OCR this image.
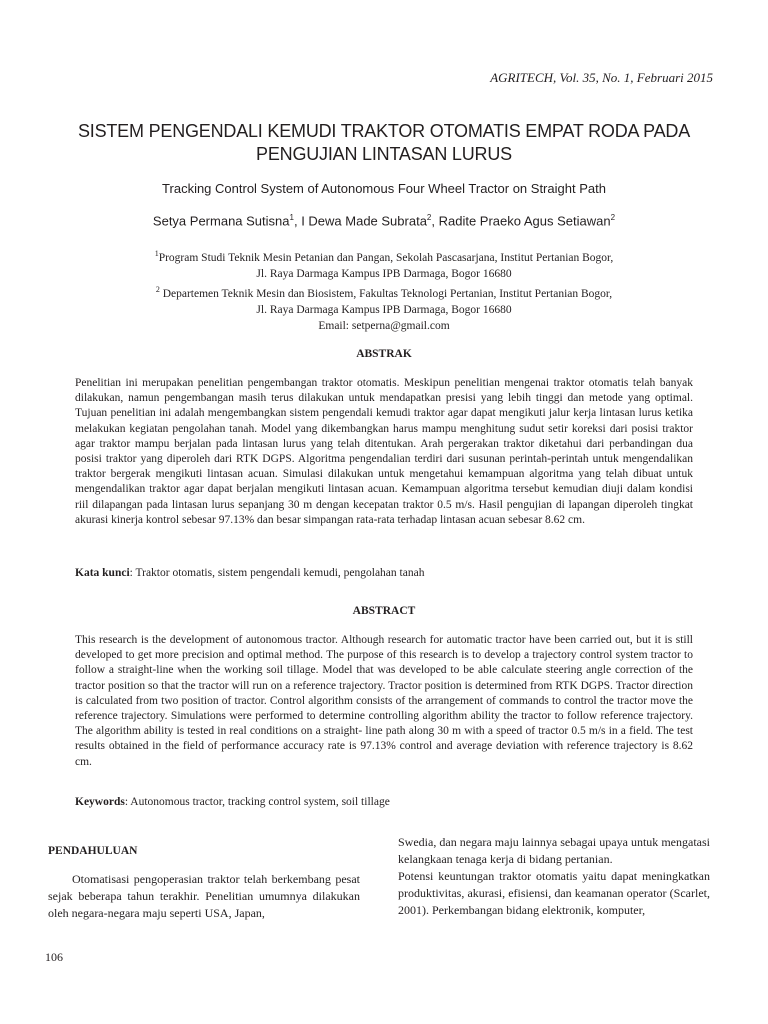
AGRITECH, Vol. 35, No. 1, Februari 2015
SISTEM PENGENDALI KEMUDI TRAKTOR OTOMATIS EMPAT RODA PADA
PENGUJIAN LINTASAN LURUS
Tracking Control System of Autonomous Four Wheel Tractor on Straight Path
Setya Permana Sutisna$^1$, I Dewa Made Subrata$^2$, Radite Praeko Agus Setiawan$^2$

$^1$Program Studi Teknik Mesin Petanian dan Pangan, Sekolah Pascasarjana, Institut Pertanian Bogor,

Jl. Raya Darmaga Kampus IPB Darmaga, Bogor 16680

$^2$ Departemen Teknik Mesin dan Biosistem, Fakultas Teknologi Pertanian, Institut Pertanian Bogor,

Jl. Raya Darmaga Kampus IPB Darmaga, Bogor 16680

Email: setperna@gmail.com

ABSTRAK

Penelitian ini merupakan penelitian pengembangan traktor otomatis. Meskipun penelitian mengenai traktor otomatis telah banyak dilakukan, namun pengembangan masih terus dilakukan untuk mendapatkan presisi yang lebih tinggi dan metode yang optimal. Tujuan penelitian ini adalah mengembangkan sistem pengendali kemudi traktor agar dapat mengikuti jalur kerja lintasan lurus ketika melakukan kegiatan pengolahan tanah. Model yang dikembangkan harus mampu menghitung sudut setir koreksi dari posisi traktor agar traktor mampu berjalan pada lintasan lurus yang telah ditentukan. Arah pergerakan traktor diketahui dari perbandingan dua posisi traktor yang diperoleh dari RTK DGPS. Algoritma pengendalian terdiri dari susunan perintah-perintah untuk mengendalikan traktor bergerak mengikuti lintasan acuan. Simulasi dilakukan untuk mengetahui kemampuan algoritma yang telah dibuat untuk mengendalikan traktor agar dapat berjalan mengikuti lintasan acuan. Kemampuan algoritma tersebut kemudian diuji dalam kondisi riil dilapangan pada lintasan lurus sepanjang 30 m dengan kecepatan traktor 0.5 m/s. Hasil pengujian di lapangan diperoleh tingkat akurasi kinerja kontrol sebesar 97.13% dan besar simpangan rata-rata terhadap lintasan acuan sebesar 8.62 cm.

Kata kunci: Traktor otomatis, sistem pengendali kemudi, pengolahan tanah
ABSTRACT

This research is the development of autonomous tractor. Although research for automatic tractor have been carried out, but it is still developed to get more precision and optimal method. The purpose of this research is to develop a trajectory control system tractor to follow a straight-line when the working soil tillage. Model that was developed to be able calculate steering angle correction of the tractor position so that the tractor will run on a reference trajectory. Tractor position is determined from RTK DGPS. Tractor direction is calculated from two position of tractor. Control algorithm consists of the arrangement of commands to control the tractor move the reference trajectory. Simulations were performed to determine controlling algorithm ability the tractor to follow reference trajectory. The algorithm ability is tested in real conditions on a straight- line path along 30 m with a speed of tractor 0.5 m/s in a field. The test results obtained in the field of performance accuracy rate is 97.13% control and average deviation with reference trajectory is 8.62 cm.

Keywords: Autonomous tractor, tracking control system, soil tillage

PENDAHULUAN

Otomatisasi pengoperasian traktor telah berkembang pesat sejak beberapa tahun terakhir. Penelitian umumnya dilakukan oleh negara-negara maju seperti USA, Japan,

Swedia, dan negara maju lainnya sebagai upaya untuk mengatasi kelangkaan tenaga kerja di bidang pertanian.

Potensi keuntungan traktor otomatis yaitu dapat meningkatkan produktivitas, akurasi, efisiensi, dan keamanan operator (Scarlet, 2001). Perkembangan bidang elektronik, komputer,

106
